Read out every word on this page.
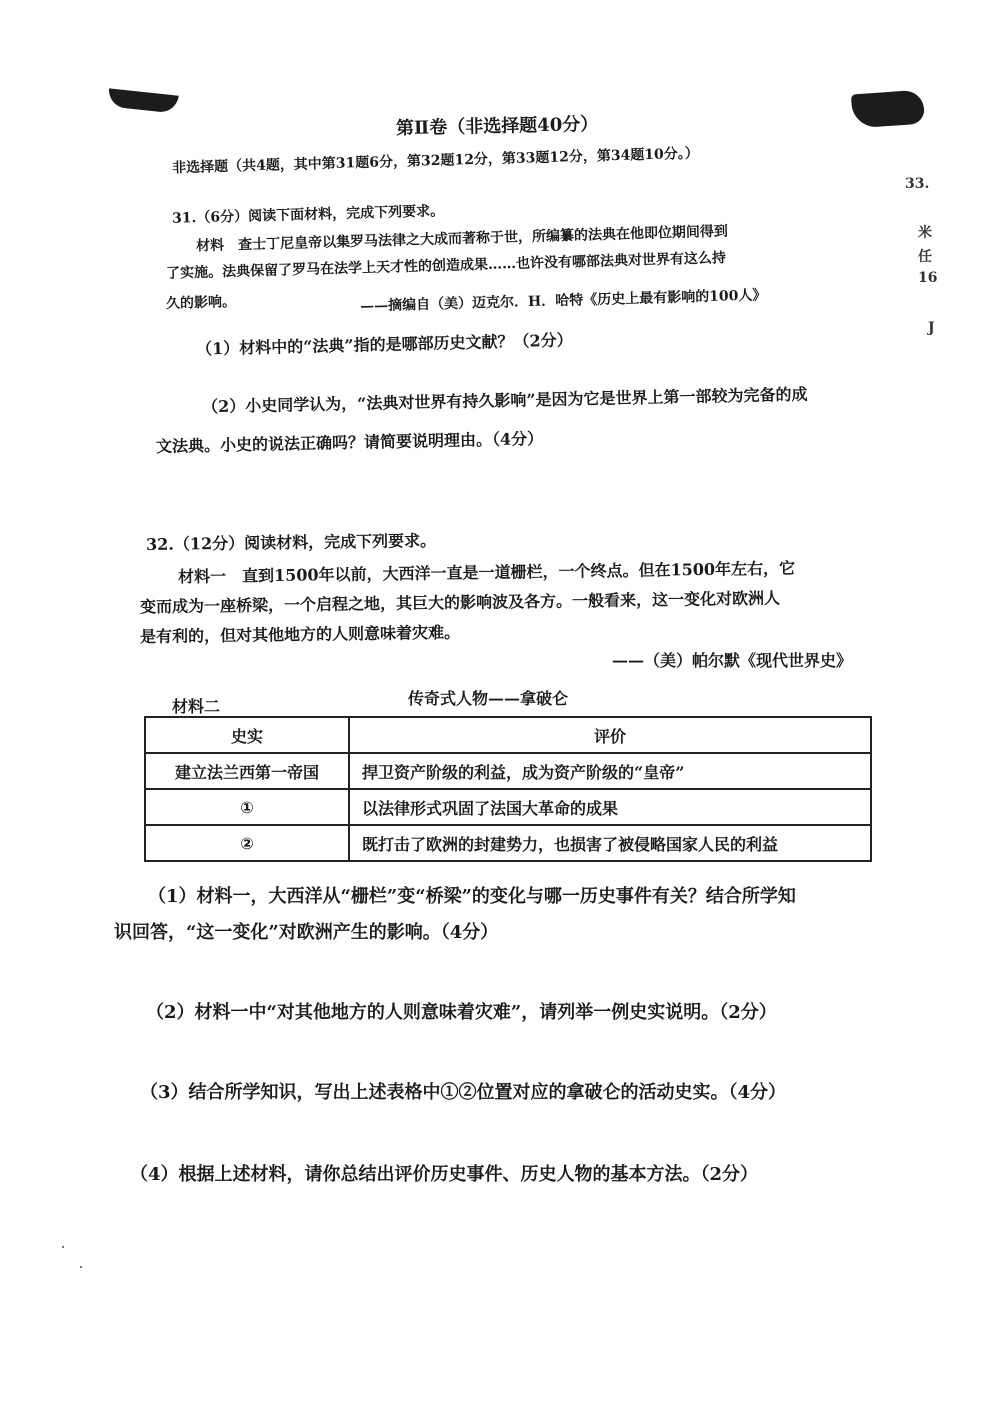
第Ⅱ卷（非选择题40分）
非选择题（共4题，其中第31题6分，第32题12分，第33题12分，第34题10分。）
31.（6分）阅读下面材料，完成下列要求。
材料　查士丁尼皇帝以集罗马法律之大成而著称于世，所编纂的法典在他即位期间得到
了实施。法典保留了罗马在法学上天才性的创造成果……也许没有哪部法典对世界有这么持
久的影响。	——摘编自（美）迈克尔．H．哈特《历史上最有影响的100人》
（1）材料中的“法典”指的是哪部历史文献？（2分）
（2）小史同学认为，“法典对世界有持久影响”是因为它是世界上第一部较为完备的成
文法典。小史的说法正确吗？请简要说明理由。（4分）
32.（12分）阅读材料，完成下列要求。
材料一　直到1500年以前，大西洋一直是一道栅栏，一个终点。但在1500年左右，它
变而成为一座桥梁，一个启程之地，其巨大的影响波及各方。一般看来，这一变化对欧洲人
是有利的，但对其他地方的人则意味着灾难。
——（美）帕尔默《现代世界史》
材料二	传奇式人物——拿破仑
史实	评价
建立法兰西第一帝国	捍卫资产阶级的利益，成为资产阶级的“皇帝”
①	以法律形式巩固了法国大革命的成果
②	既打击了欧洲的封建势力，也损害了被侵略国家人民的利益
（1）材料一，大西洋从“栅栏”变“桥梁”的变化与哪一历史事件有关？结合所学知
识回答，“这一变化”对欧洲产生的影响。（4分）
（2）材料一中“对其他地方的人则意味着灾难”，请列举一例史实说明。（2分）
（3）结合所学知识，写出上述表格中①②位置对应的拿破仑的活动史实。（4分）
（4）根据上述材料，请你总结出评价历史事件、历史人物的基本方法。（2分）
33.
米
任
16
J
